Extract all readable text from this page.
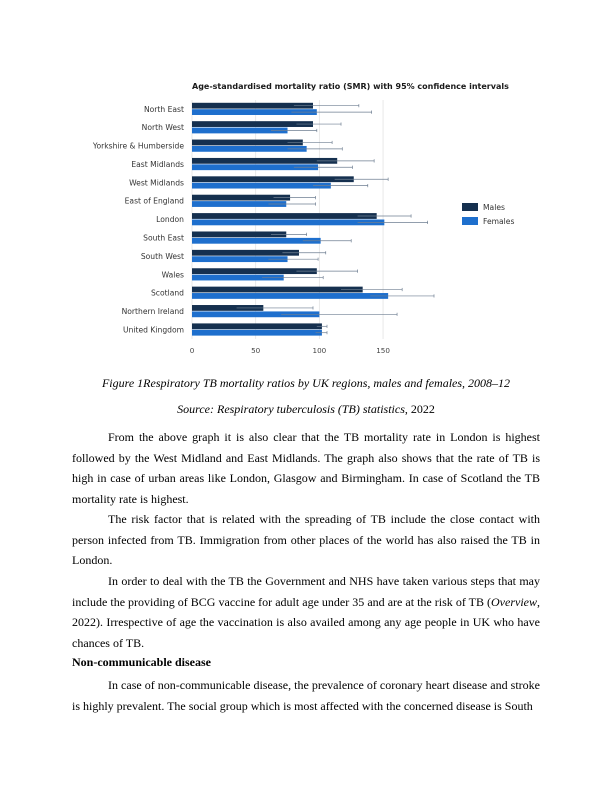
Age-standardised mortality ratio (SMR) with 95% confidence intervals
North East
North West
Yorkshire & Humberside
East Midlands
West Midlands
East of England
London
South East
South West
Wales
Scotland
Northern Ireland
United Kingdom
0	50	100	150
Males
Females
Figure 1Respiratory TB mortality ratios by UK regions, males and females, 2008–12
Source: Respiratory tuberculosis (TB) statistics, 2022

From the above graph it is also clear that the TB mortality rate in London is highest followed by the West Midland and East Midlands. The graph also shows that the rate of TB is high in case of urban areas like London, Glasgow and Birmingham. In case of Scotland the TB mortality rate is highest.

The risk factor that is related with the spreading of TB include the close contact with person infected from TB. Immigration from other places of the world has also raised the TB in London.

In order to deal with the TB the Government and NHS have taken various steps that may include the providing of BCG vaccine for adult age under 35 and are at the risk of TB (Overview, 2022). Irrespective of age the vaccination is also availed among any age people in UK who have chances of TB.

Non-communicable disease

In case of non-communicable disease, the prevalence of coronary heart disease and stroke is highly prevalent. The social group which is most affected with the concerned disease is South
